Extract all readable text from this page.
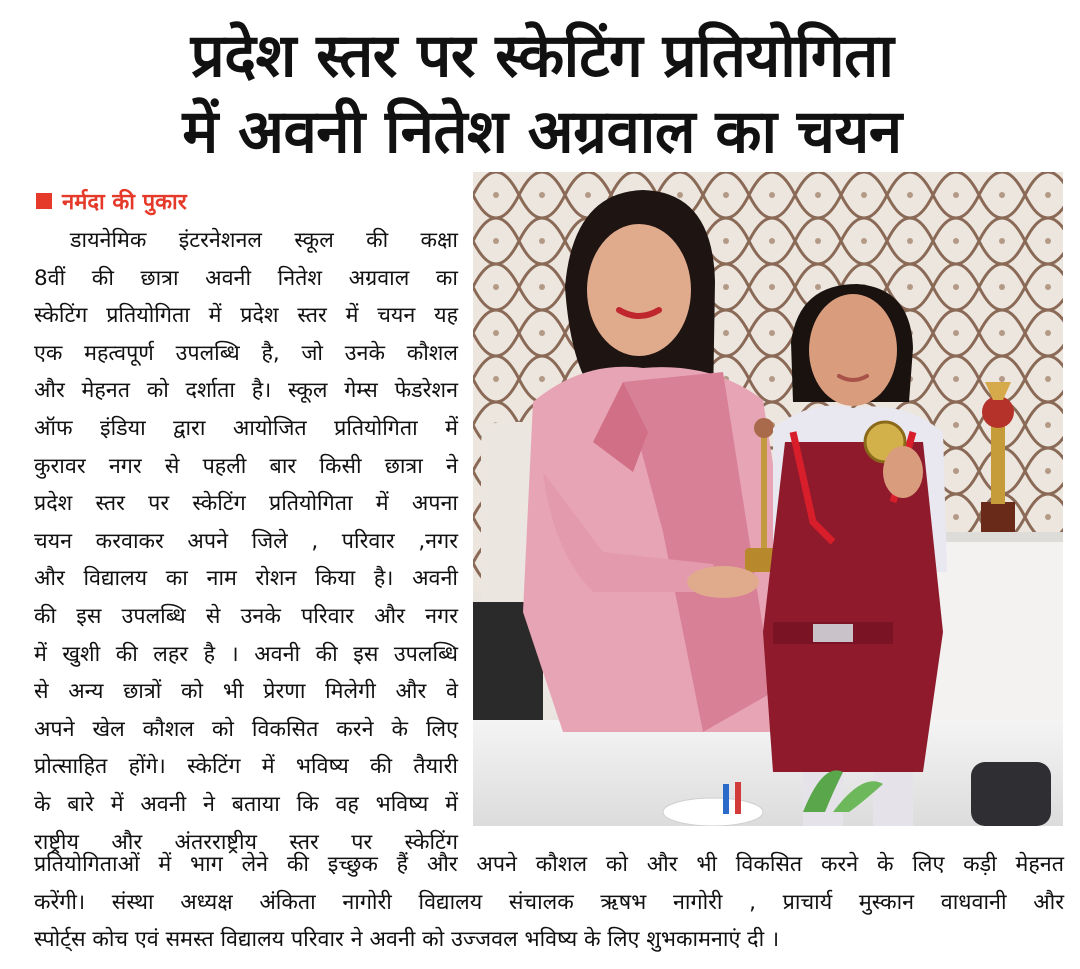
प्रदेश स्तर पर स्केटिंग प्रतियोगिता
में अवनी नितेश अग्रवाल का चयन
नर्मदा की पुकार

डायनेमिक इंटरनेशनल स्कूल की कक्षा

8वीं की छात्रा अवनी नितेश अग्रवाल का

स्केटिंग प्रतियोगिता में प्रदेश स्तर में चयन यह

एक महत्वपूर्ण उपलब्धि है, जो उनके कौशल

और मेहनत को दर्शाता है। स्कूल गेम्स फेडरेशन

ऑफ इंडिया द्वारा आयोजित प्रतियोगिता में

कुरावर नगर से पहली बार किसी छात्रा ने

प्रदेश स्तर पर स्केटिंग प्रतियोगिता में अपना

चयन करवाकर अपने जिले , परिवार ,नगर

और विद्यालय का नाम रोशन किया है। अवनी

की इस उपलब्धि से उनके परिवार और नगर

में खुशी की लहर है । अवनी की इस उपलब्धि

से अन्य छात्रों को भी प्रेरणा मिलेगी और वे

अपने खेल कौशल को विकसित करने के लिए

प्रोत्साहित होंगे। स्केटिंग में भविष्य की तैयारी

के बारे में अवनी ने बताया कि वह भविष्य में

राष्ट्रीय और अंतरराष्ट्रीय स्तर पर स्केटिंग

प्रतियोगिताओं में भाग लेने की इच्छुक हैं और अपने कौशल को और भी विकसित करने के लिए कड़ी मेहनत

करेंगी। संस्था अध्यक्ष अंकिता नागोरी विद्यालय संचालक ऋषभ नागोरी , प्राचार्य मुस्कान वाधवानी और

स्पोर्ट्स कोच एवं समस्त विद्यालय परिवार ने अवनी को उज्जवल भविष्य के लिए शुभकामनाएं दी ।
